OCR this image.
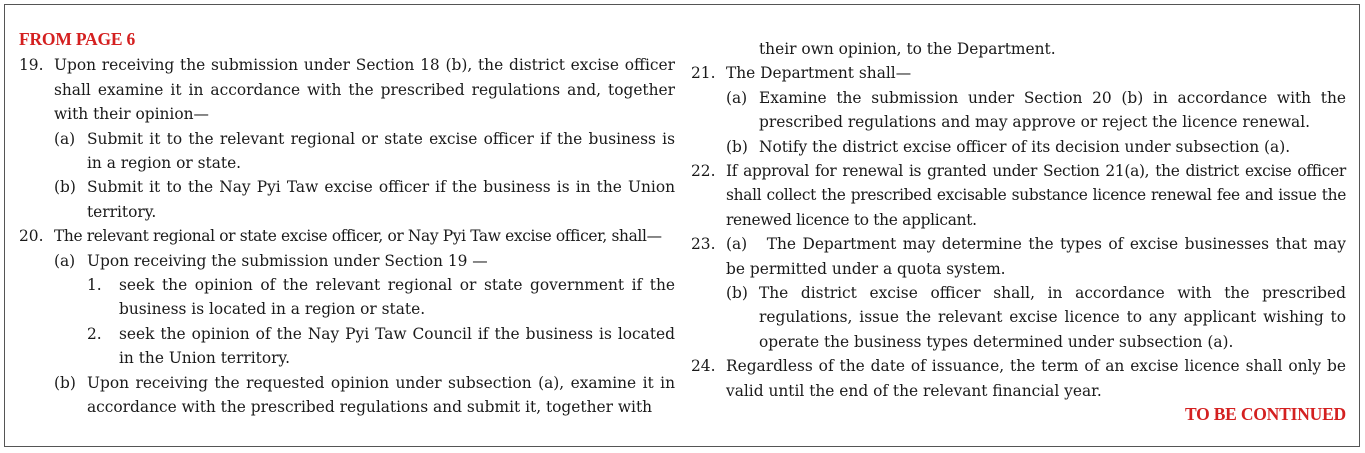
FROM PAGE 6
19. Upon receiving the submission under Section 18 (b), the district excise officer shall examine it in accordance with the prescribed regulations and, together with their opinion—
(a) Submit it to the relevant regional or state excise officer if the business is in a region or state.
(b) Submit it to the Nay Pyi Taw excise officer if the business is in the Union territory.
20. The relevant regional or state excise officer, or Nay Pyi Taw excise officer, shall—
(a) Upon receiving the submission under Section 19 —
1.	seek the opinion of the relevant regional or state government if the business is located in a region or state.
2.	seek the opinion of the Nay Pyi Taw Council if the business is located in the Union territory.
(b) Upon receiving the requested opinion under subsection (a), examine it in accordance with the prescribed regulations and submit it, together with
their own opinion, to the Department.
21. The Department shall—
(a) Examine the submission under Section 20 (b) in accordance with the prescribed regulations and may approve or reject the licence renewal.
(b) Notify the district excise officer of its decision under subsection (a).
22. If approval for renewal is granted under Section 21(a), the district excise officer shall collect the prescribed excisable substance licence renewal fee and issue the renewed licence to the applicant.
23. (a)   The Department may determine the types of excise businesses that may be permitted under a quota system.
(b) The district excise officer shall, in accordance with the prescribed regulations, issue the relevant excise licence to any applicant wishing to operate the business types determined under subsection (a).
24. Regardless of the date of issuance, the term of an excise licence shall only be valid until the end of the relevant financial year.
TO BE CONTINUED
